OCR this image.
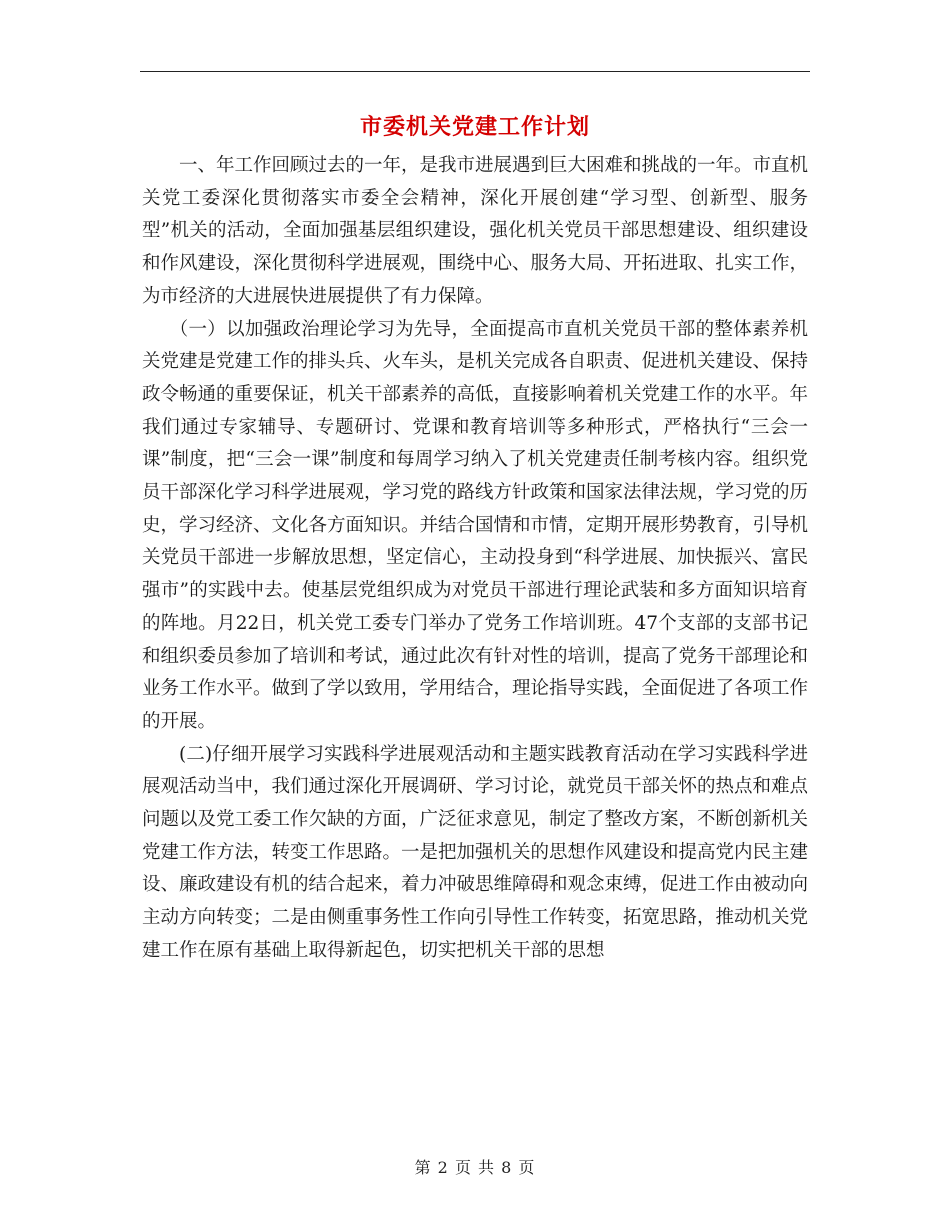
市委机关党建工作计划

一、年工作回顾过去的一年，是我市进展遇到巨大困难和挑战的一年。市直机关党工委深化贯彻落实市委全会精神，深化开展创建“学习型、创新型、服务型”机关的活动，全面加强基层组织建设，强化机关党员干部思想建设、组织建设和作风建设，深化贯彻科学进展观，围绕中心、服务大局、开拓进取、扎实工作，为市经济的大进展快进展提供了有力保障。

（一）以加强政治理论学习为先导，全面提高市直机关党员干部的整体素养机关党建是党建工作的排头兵、火车头，是机关完成各自职责、促进机关建设、保持政令畅通的重要保证，机关干部素养的高低，直接影响着机关党建工作的水平。年我们通过专家辅导、专题研讨、党课和教育培训等多种形式，严格执行“三会一课”制度，把“三会一课”制度和每周学习纳入了机关党建责任制考核内容。组织党员干部深化学习科学进展观，学习党的路线方针政策和国家法律法规，学习党的历史，学习经济、文化各方面知识。并结合国情和市情，定期开展形势教育，引导机关党员干部进一步解放思想，坚定信心，主动投身到“科学进展、加快振兴、富民强市”的实践中去。使基层党组织成为对党员干部进行理论武装和多方面知识培育的阵地。月22日，机关党工委专门举办了党务工作培训班。47个支部的支部书记和组织委员参加了培训和考试，通过此次有针对性的培训，提高了党务干部理论和业务工作水平。做到了学以致用，学用结合，理论指导实践，全面促进了各项工作的开展。

(二)仔细开展学习实践科学进展观活动和主题实践教育活动在学习实践科学进展观活动当中，我们通过深化开展调研、学习讨论，就党员干部关怀的热点和难点问题以及党工委工作欠缺的方面，广泛征求意见，制定了整改方案，不断创新机关党建工作方法，转变工作思路。一是把加强机关的思想作风建设和提高党内民主建设、廉政建设有机的结合起来，着力冲破思维障碍和观念束缚，促进工作由被动向主动方向转变；二是由侧重事务性工作向引导性工作转变，拓宽思路，推动机关党建工作在原有基础上取得新起色，切实把机关干部的思想

第 2 页 共 8 页
